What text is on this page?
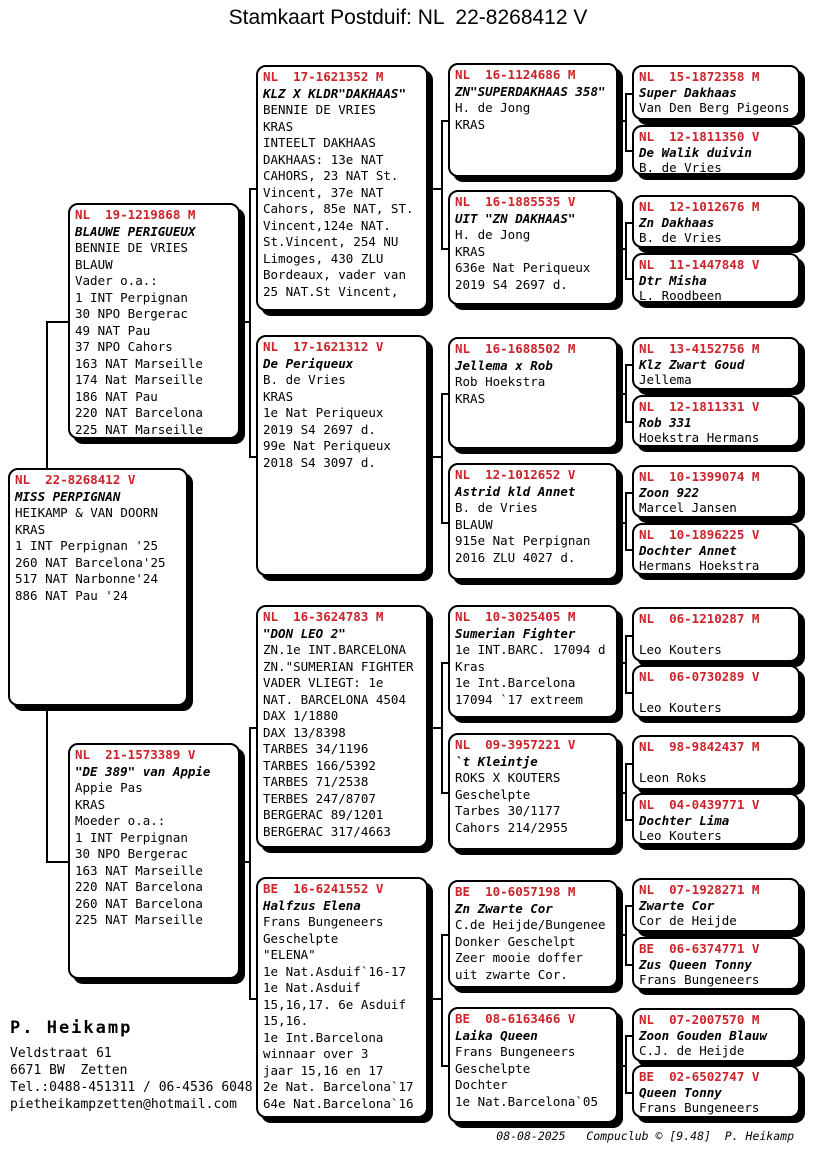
Stamkaart Postduif: NL  22-8268412 V
NL  22-8268412 V
MISS PERPIGNAN
HEIKAMP & VAN DOORN
KRAS
1 INT Perpignan '25
260 NAT Barcelona'25
517 NAT Narbonne'24
886 NAT Pau '24
NL  19-1219868 M
BLAUWE PERIGUEUX
BENNIE DE VRIES
BLAUW
Vader o.a.:
1 INT Perpignan
30 NPO Bergerac
49 NAT Pau
37 NPO Cahors
163 NAT Marseille
174 Nat Marseille
186 NAT Pau
220 NAT Barcelona
225 NAT Marseille
NL  21-1573389 V
"DE 389" van Appie
Appie Pas
KRAS
Moeder o.a.:
1 INT Perpignan
30 NPO Bergerac
163 NAT Marseille
220 NAT Barcelona
260 NAT Barcelona
225 NAT Marseille
NL  17-1621352 M
KLZ X KLDR"DAKHAAS"
BENNIE DE VRIES
KRAS
INTEELT DAKHAAS
DAKHAAS: 13e NAT
CAHORS, 23 NAT St.
Vincent, 37e NAT
Cahors, 85e NAT, ST.
Vincent,124e NAT.
St.Vincent, 254 NU
Limoges, 430 ZLU
Bordeaux, vader van
25 NAT.St Vincent,
NL  17-1621312 V
De Periqueux
B. de Vries
KRAS
1e Nat Periqueux
2019 S4 2697 d.
99e Nat Periqueux
2018 S4 3097 d.
NL  16-3624783 M
"DON LEO 2"
ZN.1e INT.BARCELONA
ZN."SUMERIAN FIGHTER
VADER VLIEGT: 1e
NAT. BARCELONA 4504
DAX 1/1880
DAX 13/8398
TARBES 34/1196
TARBES 166/5392
TARBES 71/2538
TERBES 247/8707
BERGERAC 89/1201
BERGERAC 317/4663
BE  16-6241552 V
Halfzus Elena
Frans Bungeneers
Geschelpte
"ELENA"
1e Nat.Asduif`16-17
1e Nat.Asduif
15,16,17. 6e Asduif
15,16.
1e Int.Barcelona
winnaar over 3
jaar 15,16 en 17
2e Nat. Barcelona`17
64e Nat.Barcelona`16
NL  16-1124686 M
ZN"SUPERDAKHAAS 358"
H. de Jong
KRAS
NL  16-1885535 V
UIT "ZN DAKHAAS"
H. de Jong
KRAS
636e Nat Periqueux
2019 S4 2697 d.
NL  16-1688502 M
Jellema x Rob
Rob Hoekstra
KRAS
NL  12-1012652 V
Astrid kld Annet
B. de Vries
BLAUW
915e Nat Perpignan
2016 ZLU 4027 d.
NL  10-3025405 M
Sumerian Fighter
1e INT.BARC. 17094 d
Kras
1e Int.Barcelona
17094 `17 extreem
NL  09-3957221 V
`t Kleintje
ROKS X KOUTERS
Geschelpte
Tarbes 30/1177
Cahors 214/2955
BE  10-6057198 M
Zn Zwarte Cor
C.de Heijde/Bungenee
Donker Geschelpt
Zeer mooie doffer
uit zwarte Cor.
BE  08-6163466 V
Laika Queen
Frans Bungeneers
Geschelpte
Dochter
1e Nat.Barcelona`05
NL  15-1872358 M
Super Dakhaas
Van Den Berg Pigeons
NL  12-1811350 V
De Walik duivin
B. de Vries
NL  12-1012676 M
Zn Dakhaas
B. de Vries
NL  11-1447848 V
Dtr Misha
L. Roodbeen
NL  13-4152756 M
Klz Zwart Goud
Jellema
NL  12-1811331 V
Rob 331
Hoekstra Hermans
NL  10-1399074 M
Zoon 922
Marcel Jansen
NL  10-1896225 V
Dochter Annet
Hermans Hoekstra
NL  06-1210287 M

Leo Kouters
NL  06-0730289 V

Leo Kouters
NL  98-9842437 M

Leon Roks
NL  04-0439771 V
Dochter Lima
Leo Kouters
NL  07-1928271 M
Zwarte Cor
Cor de Heijde
BE  06-6374771 V
Zus Queen Tonny
Frans Bungeneers
NL  07-2007570 M
Zoon Gouden Blauw
C.J. de Heijde
BE  02-6502747 V
Queen Tonny
Frans Bungeneers
P. Heikamp
Veldstraat 61
6671 BW  Zetten
Tel.:0488-451311 / 06-4536 6048
pietheikampzetten@hotmail.com
08-08-2025   Compuclub © [9.48]  P. Heikamp
